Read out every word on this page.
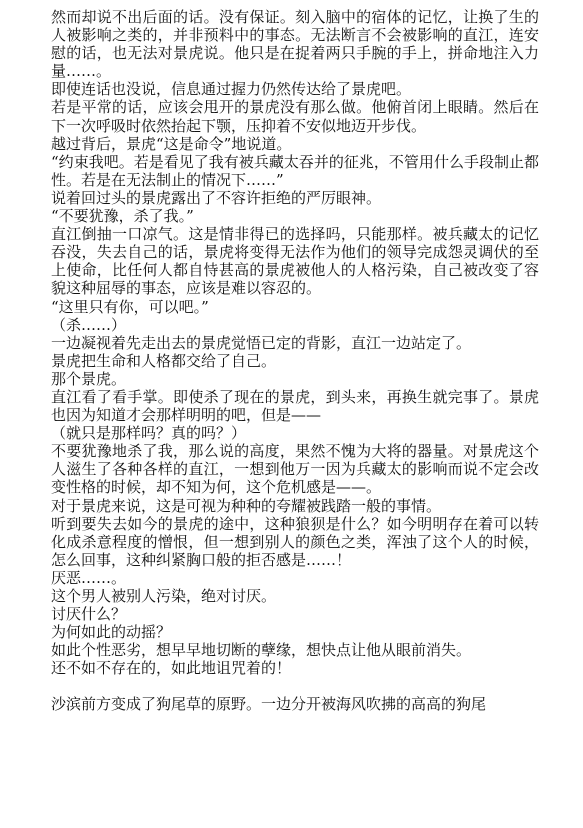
然而却说不出后面的话。没有保证。刻入脑中的宿体的记忆，让换了生的人被影响之类的，并非预料中的事态。无法断言不会被影响的直江，连安慰的话，也无法对景虎说。他只是在捉着两只手腕的手上，拼命地注入力量……。

即使连话也没说，信息通过握力仍然传达给了景虎吧。

若是平常的话，应该会甩开的景虎没有那么做。他俯首闭上眼睛。然后在下一次呼吸时依然抬起下颚，压抑着不安似地迈开步伐。

越过背后，景虎“这是命令”地说道。

“约束我吧。若是看见了我有被兵藏太吞并的征兆，不管用什么手段制止都性。若是在无法制止的情况下……”

说着回过头的景虎露出了不容许拒绝的严厉眼神。

“不要犹豫，杀了我。”

直江倒抽一口凉气。这是情非得已的选择吗，只能那样。被兵藏太的记忆吞没，失去自己的话，景虎将变得无法作为他们的领导完成怨灵调伏的至上使命，比任何人都自恃甚高的景虎被他人的人格污染，自己被改变了容貌这种屈辱的事态，应该是难以容忍的。

“这里只有你，可以吧。”

（杀……）

一边凝视着先走出去的景虎觉悟已定的背影，直江一边站定了。

景虎把生命和人格都交给了自己。

那个景虎。

直江看了看手掌。即使杀了现在的景虎，到头来，再换生就完事了。景虎也因为知道才会那样明明的吧，但是——

（就只是那样吗？真的吗？）

不要犹豫地杀了我，那么说的高度，果然不愧为大将的器量。对景虎这个人滋生了各种各样的直江，一想到他万一因为兵藏太的影响而说不定会改变性格的时候，却不知为何，这个危机感是——。

对于景虎来说，这是可视为种种的夸耀被践踏一般的事情。

听到要失去如今的景虎的途中，这种狼狈是什么？如今明明存在着可以转化成杀意程度的憎恨，但一想到别人的颜色之类，浑浊了这个人的时候，怎么回事，这种纠紧胸口般的拒否感是……！

厌恶……。

这个男人被别人污染，绝对讨厌。

讨厌什么？

为何如此的动摇？

如此个性恶劣，想早早地切断的孽缘，想快点让他从眼前消失。

还不如不存在的，如此地诅咒着的！

沙滨前方变成了狗尾草的原野。一边分开被海风吹拂的高高的狗尾
